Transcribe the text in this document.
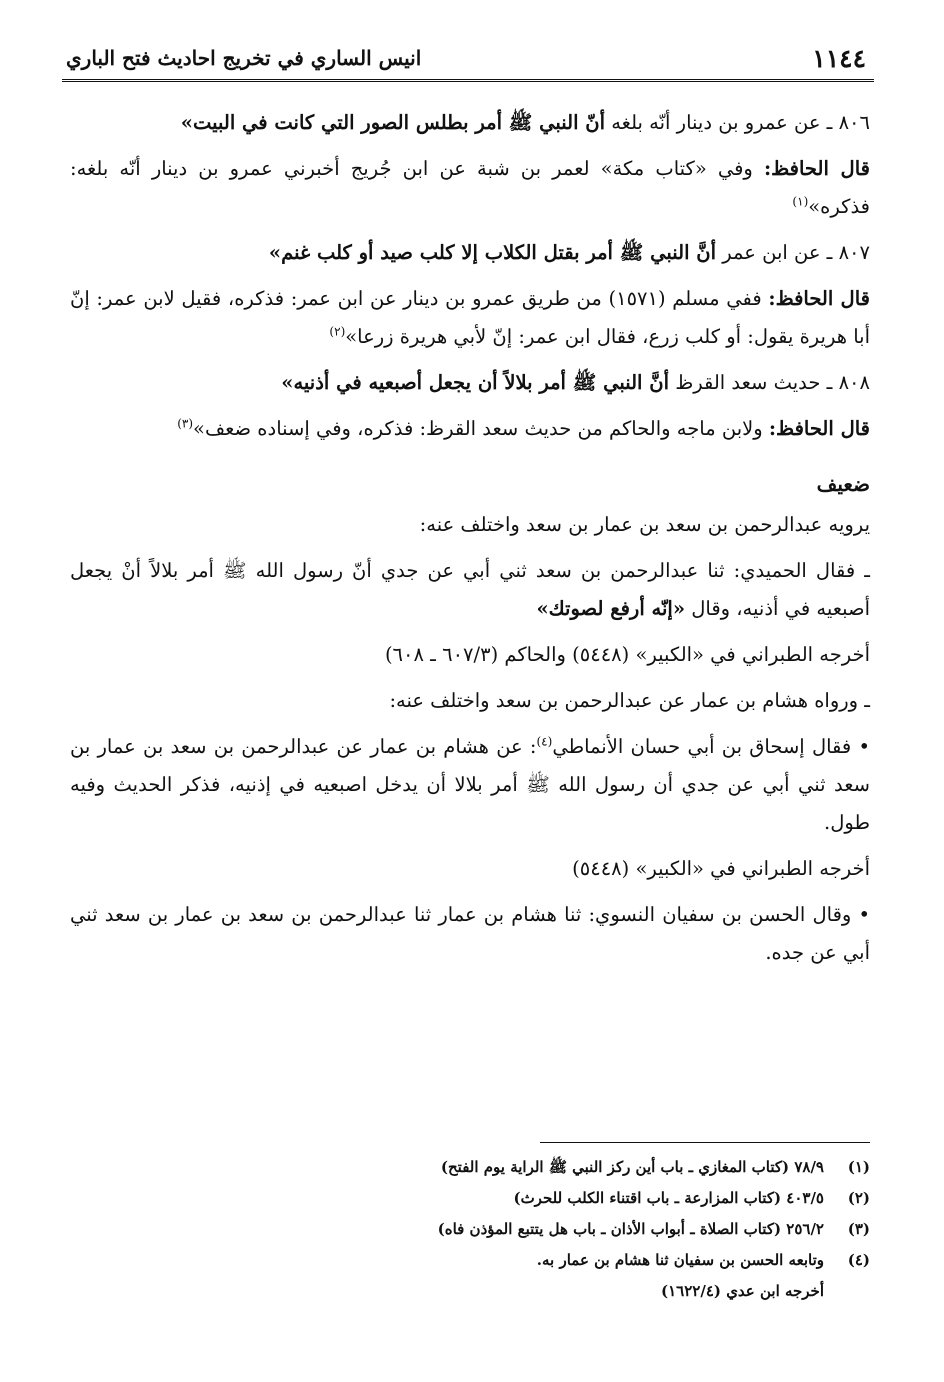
١١٤٤
انيس الساري في تخريج احاديث فتح الباري

٨٠٦ ـ عن عمرو بن دينار أنّه بلغه أنّ النبي ﷺ أمر بطلس الصور التي كانت في البيت»

قال الحافظ: وفي «كتاب مكة» لعمر بن شبة عن ابن جُريج أخبرني عمرو بن دينار أنّه بلغه: فذكره»$^{(١)}$

٨٠٧ ـ عن ابن عمر أنَّ النبي ﷺ أمر بقتل الكلاب إلا كلب صيد أو كلب غنم»

قال الحافظ: ففي مسلم (١٥٧١) من طريق عمرو بن دينار عن ابن عمر: فذكره، فقيل لابن عمر: إنّ أبا هريرة يقول: أو كلب زرع، فقال ابن عمر: إنّ لأبي هريرة زرعا»$^{(٢)}$

٨٠٨ ـ حديث سعد القرظ أنَّ النبي ﷺ أمر بلالاً أن يجعل أصبعيه في أذنيه»

قال الحافظ: ولابن ماجه والحاكم من حديث سعد القرظ: فذكره، وفي إسناده ضعف»$^{(٣)}$

ضعيف

يرويه عبدالرحمن بن سعد بن عمار بن سعد واختلف عنه:

ـ فقال الحميدي: ثنا عبدالرحمن بن سعد ثني أبي عن جدي أنّ رسول الله ﷺ أمر بلالاً أنْ يجعل أصبعيه في أذنيه، وقال «إنّه أرفع لصوتك»

أخرجه الطبراني في «الكبير» (٥٤٤٨) والحاكم (٦٠٧/٣ ـ ٦٠٨)

ـ ورواه هشام بن عمار عن عبدالرحمن بن سعد واختلف عنه:

• فقال إسحاق بن أبي حسان الأنماطي$^{(٤)}$: عن هشام بن عمار عن عبدالرحمن بن سعد بن عمار بن سعد ثني أبي عن جدي أن رسول الله ﷺ أمر بلالا أن يدخل اصبعيه في إذنيه، فذكر الحديث وفيه طول.

أخرجه الطبراني في «الكبير» (٥٤٤٨)

• وقال الحسن بن سفيان النسوي: ثنا هشام بن عمار ثنا عبدالرحمن بن سعد بن عمار بن سعد ثني أبي عن جده.

(١)
٧٨/٩ (كتاب المغازي ـ باب أين ركز النبي ﷺ الراية يوم الفتح)
(٢)
٤٠٣/٥ (كتاب المزارعة ـ باب اقتناء الكلب للحرث)
(٣)
٢٥٦/٢ (كتاب الصلاة ـ أبواب الأذان ـ باب هل يتتبع المؤذن فاه)
(٤)
وتابعه الحسن بن سفيان ثنا هشام بن عمار به.
أخرجه ابن عدي (١٦٢٢/٤)
